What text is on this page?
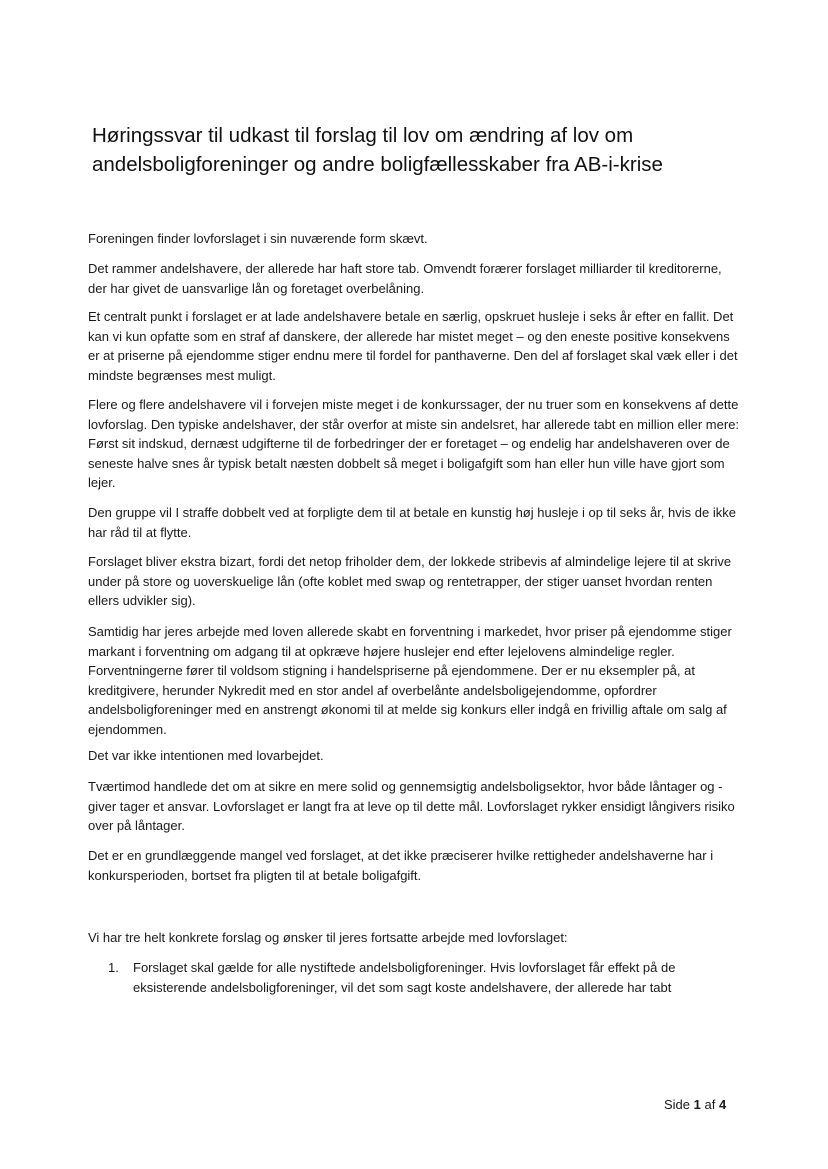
Høringssvar til udkast til forslag til lov om ændring af lov om andelsboligforeninger og andre boligfællesskaber fra AB-i-krise

Foreningen finder lovforslaget i sin nuværende form skævt.

Det rammer andelshavere, der allerede har haft store tab. Omvendt forærer forslaget milliarder til kreditorerne, der har givet de uansvarlige lån og foretaget overbelåning.

Et centralt punkt i forslaget er at lade andelshavere betale en særlig, opskruet husleje i seks år efter en fallit. Det kan vi kun opfatte som en straf af danskere, der allerede har mistet meget – og den eneste positive konsekvens er at priserne på ejendomme stiger endnu mere til fordel for panthaverne. Den del af forslaget skal væk eller i det mindste begrænses mest muligt.

Flere og flere andelshavere vil i forvejen miste meget i de konkurssager, der nu truer som en konsekvens af dette lovforslag. Den typiske andelshaver, der står overfor at miste sin andelsret, har allerede tabt en million eller mere: Først sit indskud, dernæst udgifterne til de forbedringer der er foretaget – og endelig har andelshaveren over de seneste halve snes år typisk betalt næsten dobbelt så meget i boligafgift som han eller hun ville have gjort som lejer.

Den gruppe vil I straffe dobbelt ved at forpligte dem til at betale en kunstig høj husleje i op til seks år, hvis de ikke har råd til at flytte.

Forslaget bliver ekstra bizart, fordi det netop friholder dem, der lokkede stribevis af almindelige lejere til at skrive under på store og uoverskuelige lån (ofte koblet med swap og rentetrapper, der stiger uanset hvordan renten ellers udvikler sig).

Samtidig har jeres arbejde med loven allerede skabt en forventning i markedet, hvor priser på ejendomme stiger markant i forventning om adgang til at opkræve højere huslejer end efter lejelovens almindelige regler. Forventningerne fører til voldsom stigning i handelspriserne på ejendommene. Der er nu eksempler på, at kreditgivere, herunder Nykredit med en stor andel af overbelånte andelsboligejendomme, opfordrer andelsboligforeninger med en anstrengt økonomi til at melde sig konkurs eller indgå en frivillig aftale om salg af ejendommen.

Det var ikke intentionen med lovarbejdet.

Tværtimod handlede det om at sikre en mere solid og gennemsigtig andelsboligsektor, hvor både låntager og -giver tager et ansvar. Lovforslaget er langt fra at leve op til dette mål. Lovforslaget rykker ensidigt långivers risiko over på låntager.

Det er en grundlæggende mangel ved forslaget, at det ikke præciserer hvilke rettigheder andelshaverne har i konkursperioden, bortset fra pligten til at betale boligafgift.

Vi har tre helt konkrete forslag og ønsker til jeres fortsatte arbejde med lovforslaget:

1. Forslaget skal gælde for alle nystiftede andelsboligforeninger. Hvis lovforslaget får effekt på de eksisterende andelsboligforeninger, vil det som sagt koste andelshavere, der allerede har tabt
Side 1 af 4
